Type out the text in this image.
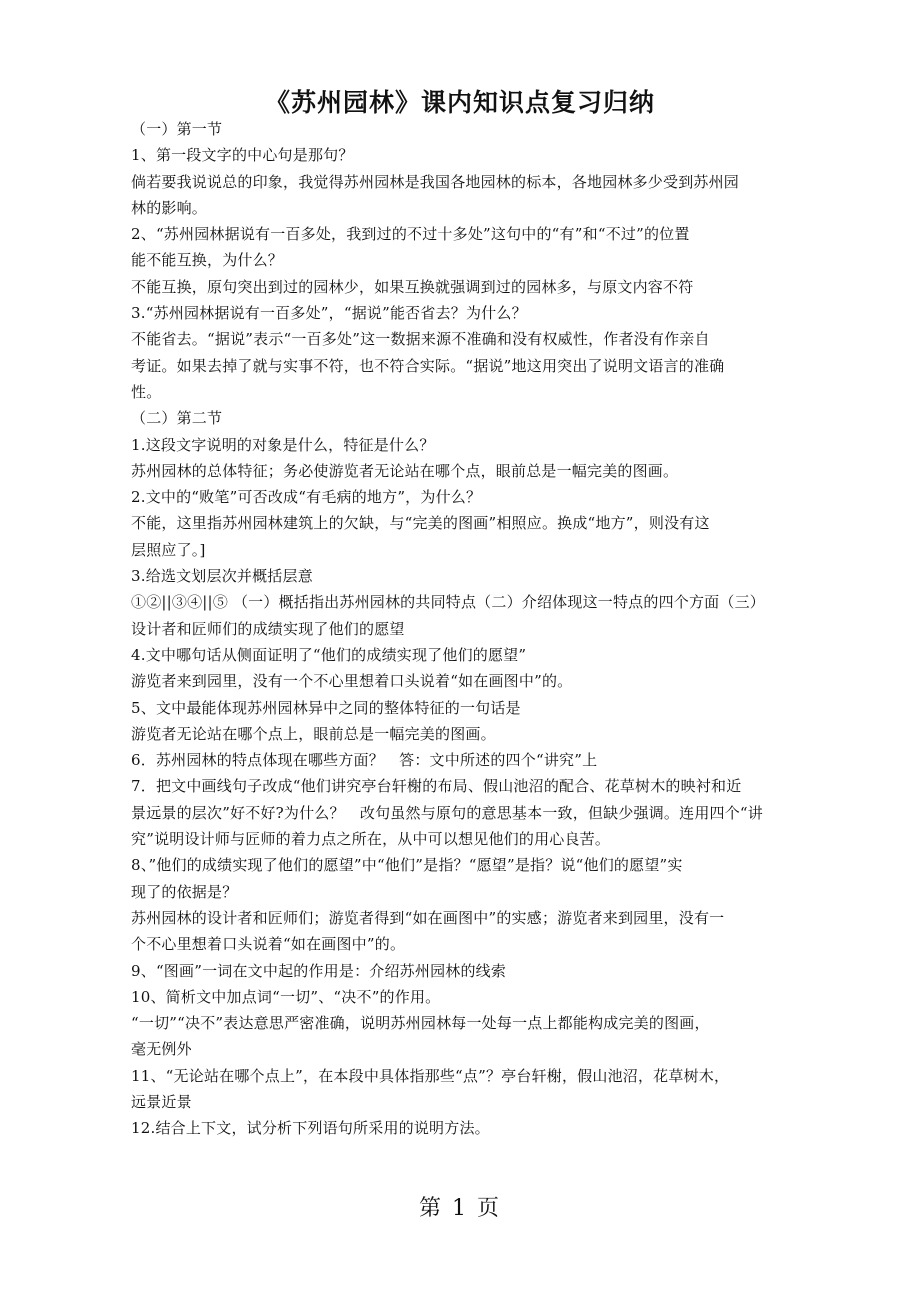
《苏州园林》课内知识点复习归纳
（一）第一节
1、第一段文字的中心句是那句？
倘若要我说说总的印象，我觉得苏州园林是我国各地园林的标本，各地园林多少受到苏州园
林的影响。
2、“苏州园林据说有一百多处，我到过的不过十多处”这句中的“有”和“不过”的位置
能不能互换，为什么？
不能互换，原句突出到过的园林少，如果互换就强调到过的园林多，与原文内容不符
3.“苏州园林据说有一百多处”，“据说”能否省去？为什么？
不能省去。“据说”表示“一百多处”这一数据来源不准确和没有权威性，作者没有作亲自
考证。如果去掉了就与实事不符，也不符合实际。“据说”地这用突出了说明文语言的准确
性。
（二）第二节
1.这段文字说明的对象是什么，特征是什么？
苏州园林的总体特征；务必使游览者无论站在哪个点，眼前总是一幅完美的图画。
2.文中的“败笔”可否改成“有毛病的地方”，为什么？
不能，这里指苏州园林建筑上的欠缺，与“完美的图画”相照应。换成“地方”，则没有这
层照应了。]
3.给选文划层次并概括层意
①②||③④||⑤ （一）概括指出苏州园林的共同特点（二）介绍体现这一特点的四个方面（三）
设计者和匠师们的成绩实现了他们的愿望
4.文中哪句话从侧面证明了“他们的成绩实现了他们的愿望”
游览者来到园里，没有一个不心里想着口头说着“如在画图中”的。
5、文中最能体现苏州园林异中之同的整体特征的一句话是
游览者无论站在哪个点上，眼前总是一幅完美的图画。
6．苏州园林的特点体现在哪些方面？　答：文中所述的四个“讲究”上
7．把文中画线句子改成“他们讲究亭台轩榭的布局、假山池沼的配合、花草树木的映衬和近
景远景的层次”好不好?为什么？　改句虽然与原句的意思基本一致，但缺少强调。连用四个“讲
究”说明设计师与匠师的着力点之所在，从中可以想见他们的用心良苦。
8、”他们的成绩实现了他们的愿望”中“他们”是指？“愿望”是指？说“他们的愿望”实
现了的依据是？
苏州园林的设计者和匠师们；游览者得到“如在画图中”的实感；游览者来到园里，没有一
个不心里想着口头说着“如在画图中”的。
9、“图画”一词在文中起的作用是：介绍苏州园林的线索
10、简析文中加点词“一切”、“决不”的作用。
“一切”“决不”表达意思严密准确，说明苏州园林每一处每一点上都能构成完美的图画，
毫无例外
11、“无论站在哪个点上”，在本段中具体指那些“点”？亭台轩榭，假山池沼，花草树木，
远景近景
12.结合上下文，试分析下列语句所采用的说明方法。
第 1 页
